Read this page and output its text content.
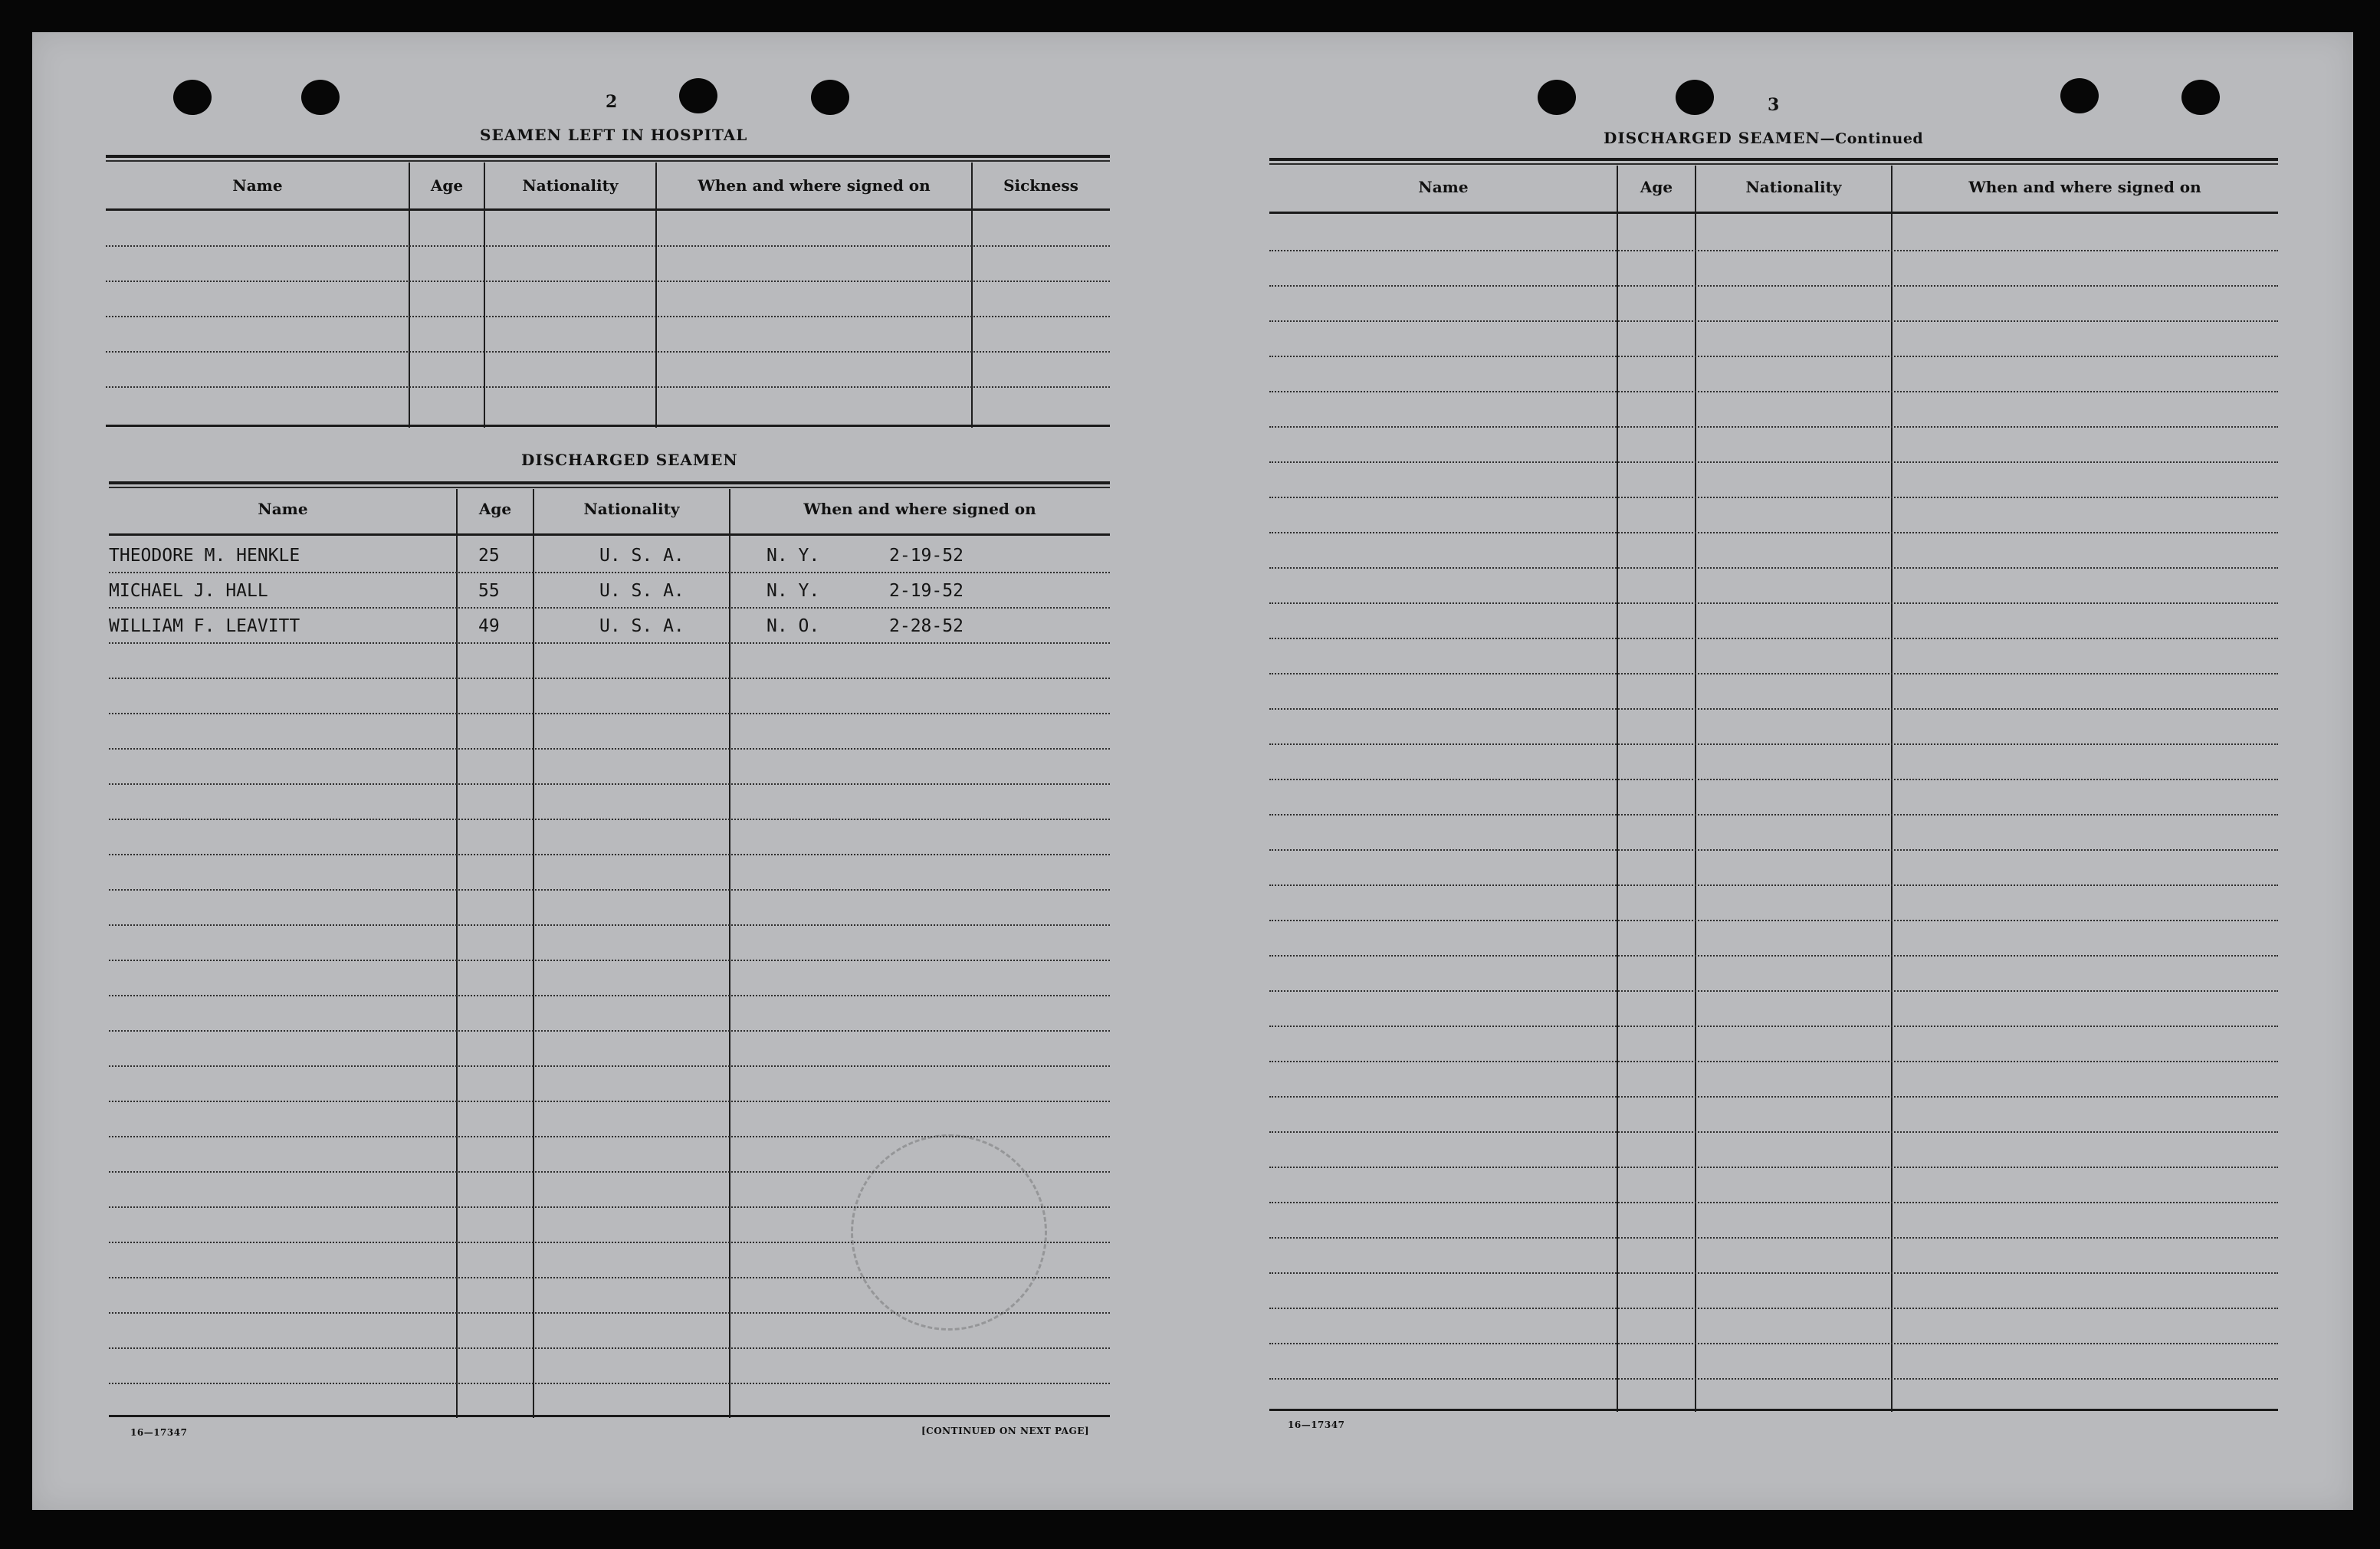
2
SEAMEN LEFT IN HOSPITAL
Name	Age	Nationality	When and where signed on	Sickness
DISCHARGED SEAMEN
Name	Age	Nationality	When and where signed on
THEODORE M. HENKLE	25	U. S. A.	N. Y.	2-19-52
MICHAEL J. HALL	55	U. S. A.	N. Y.	2-19-52
WILLIAM F. LEAVITT	49	U. S. A.	N. O.	2-28-52
16—17347	[CONTINUED ON NEXT PAGE]
3
DISCHARGED SEAMEN—Continued
Name	Age	Nationality	When and where signed on
16—17347
